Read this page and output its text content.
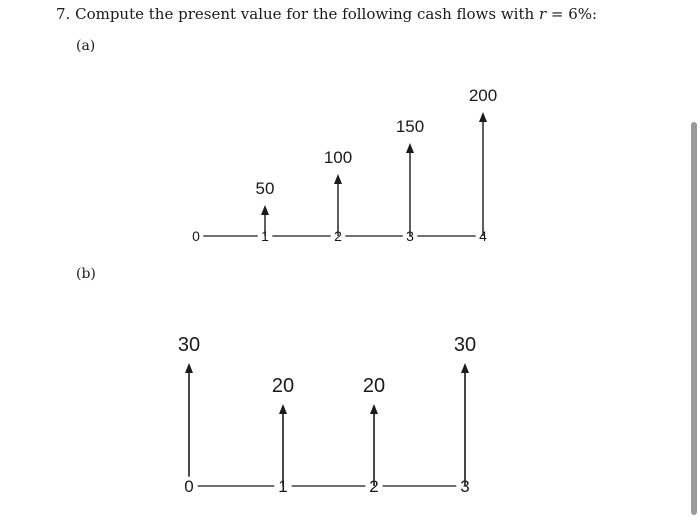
7. Compute the present value for the following cash flows with r = 6%:
(a)
(b)
0	1	2	3	4
50
100
150
200
0	1	2	3
30
20	20
30
